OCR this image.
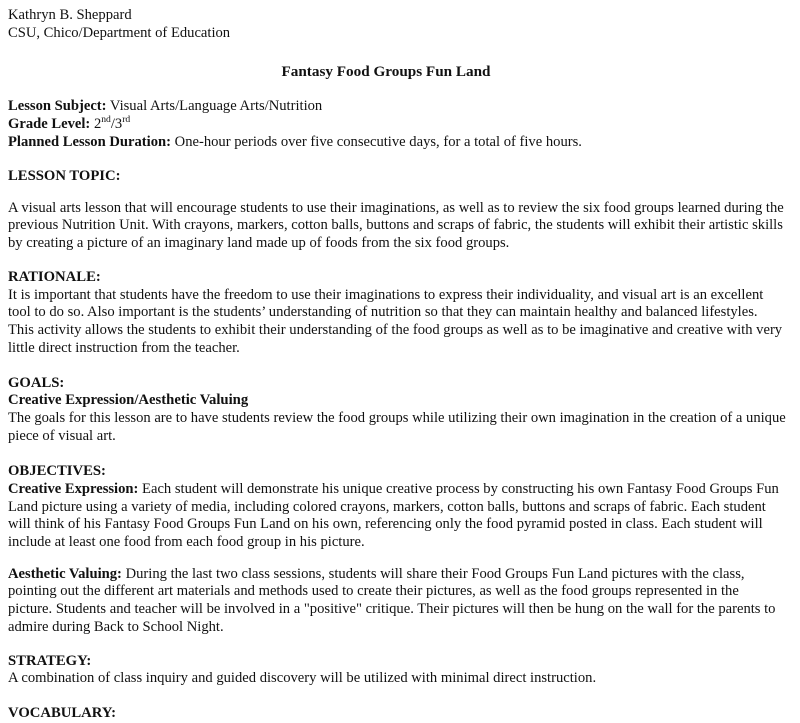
Kathryn B. Sheppard
CSU, Chico/Department of Education
Fantasy Food Groups Fun Land
Lesson Subject: Visual Arts/Language Arts/Nutrition
Grade Level: 2nd/3rd
Planned Lesson Duration: One-hour periods over five consecutive days, for a total of five hours.
LESSON TOPIC:
A visual arts lesson that will encourage students to use their imaginations, as well as to review the six food groups learned during the previous Nutrition Unit. With crayons, markers, cotton balls, buttons and scraps of fabric, the students will exhibit their artistic skills by creating a picture of an imaginary land made up of foods from the six food groups.
RATIONALE:
It is important that students have the freedom to use their imaginations to express their individuality, and visual art is an excellent tool to do so. Also important is the students’ understanding of nutrition so that they can maintain healthy and balanced lifestyles. This activity allows the students to exhibit their understanding of the food groups as well as to be imaginative and creative with very little direct instruction from the teacher.
GOALS:
Creative Expression/Aesthetic Valuing
The goals for this lesson are to have students review the food groups while utilizing their own imagination in the creation of a unique piece of visual art.
OBJECTIVES:
Creative Expression: Each student will demonstrate his unique creative process by constructing his own Fantasy Food Groups Fun Land picture using a variety of media, including colored crayons, markers, cotton balls, buttons and scraps of fabric. Each student will think of his Fantasy Food Groups Fun Land on his own, referencing only the food pyramid posted in class. Each student will include at least one food from each food group in his picture.
Aesthetic Valuing: During the last two class sessions, students will share their Food Groups Fun Land pictures with the class, pointing out the different art materials and methods used to create their pictures, as well as the food groups represented in the picture. Students and teacher will be involved in a "positive" critique. Their pictures will then be hung on the wall for the parents to admire during Back to School Night.
STRATEGY:
A combination of class inquiry and guided discovery will be utilized with minimal direct instruction.
VOCABULARY:
